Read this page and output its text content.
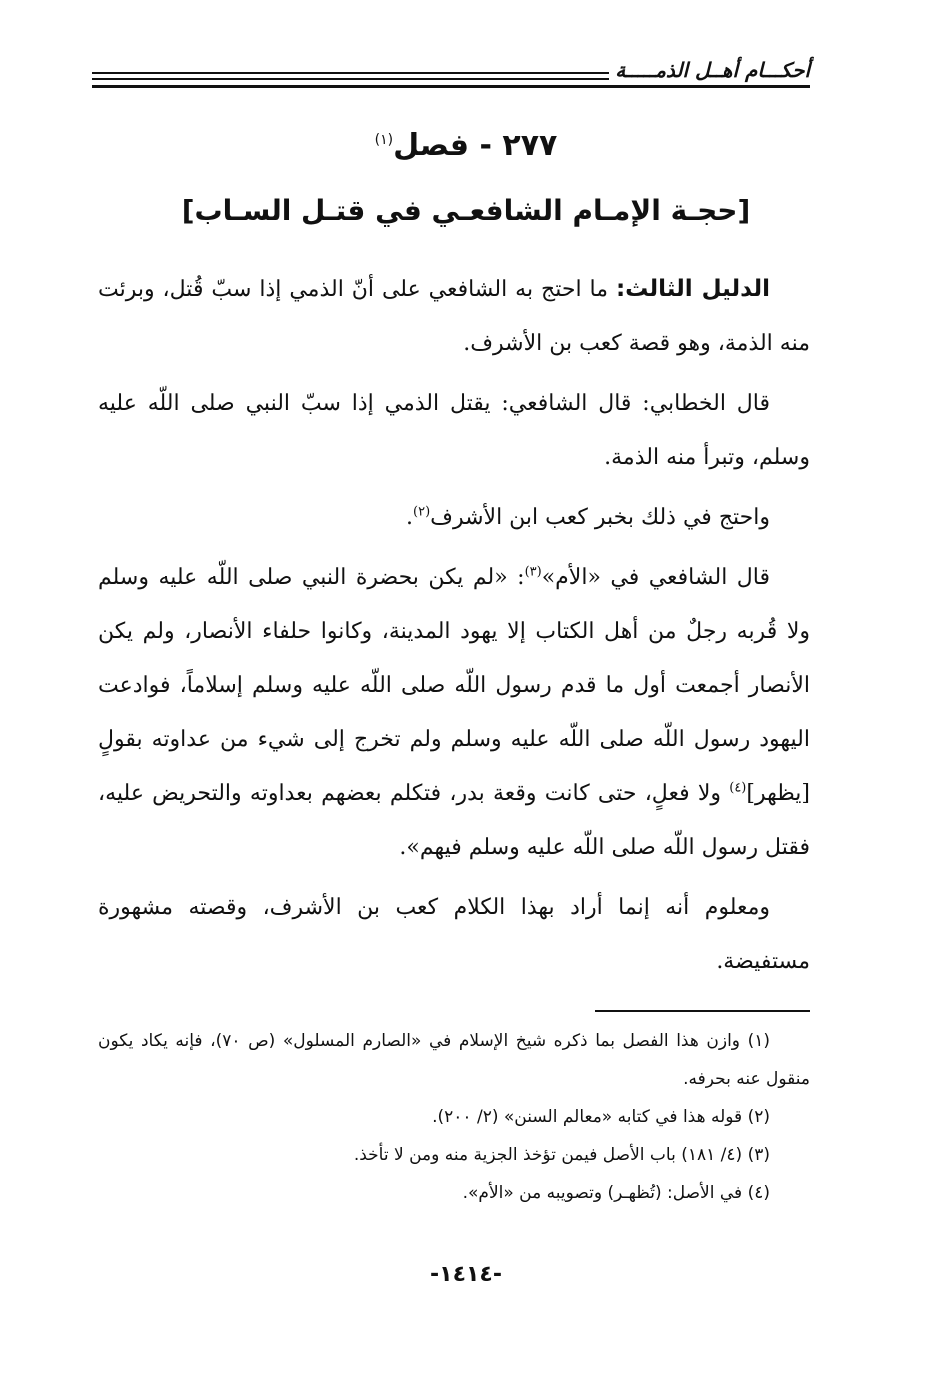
أحكـــام أهــل الذمـــــة
٢٧٧ - فصل$^{(١)}$
[حجـة الإمـام الشافعـي في قتـل السـاب]

الدليل الثالث: ما احتج به الشافعي على أنّ الذمي إذا سبّ قُتل، وبرئت منه الذمة، وهو قصة كعب بن الأشرف.

قال الخطابي: قال الشافعي: يقتل الذمي إذا سبّ النبي صلى اللّه عليه وسلم، وتبرأ منه الذمة.

واحتج في ذلك بخبر كعب ابن الأشرف$^{(٢)}$.

قال الشافعي في «الأم»$^{(٣)}$: «لم يكن بحضرة النبي صلى اللّه عليه وسلم ولا قُربه رجلٌ من أهل الكتاب إلا يهود المدينة، وكانوا حلفاء الأنصار، ولم يكن الأنصار أجمعت أول ما قدم رسول اللّه صلى اللّه عليه وسلم إسلاماً، فوادعت اليهود رسول اللّه صلى اللّه عليه وسلم ولم تخرج إلى شيء من عداوته بقولٍ [يظهر]$^{(٤)}$ ولا فعلٍ، حتى كانت وقعة بدر، فتكلم بعضهم بعداوته والتحريض عليه، فقتل رسول اللّه صلى اللّه عليه وسلم فيهم».

ومعلوم أنه إنما أراد بهذا الكلام كعب بن الأشرف، وقصته مشهورة مستفيضة.

(١) وازن هذا الفصل بما ذكره شيخ الإسلام في «الصارم المسلول» (ص ٧٠)، فإنه يكاد يكون منقول عنه بحرفه.

(٢) قوله هذا في كتابه «معالم السنن» (٢/ ٢٠٠).

(٣) (٤/ ١٨١) باب الأصل فيمن تؤخذ الجزية منه ومن لا تأخذ.

(٤) في الأصل: (تُظهـر) وتصويبه من «الأم».

-١٤١٤-
